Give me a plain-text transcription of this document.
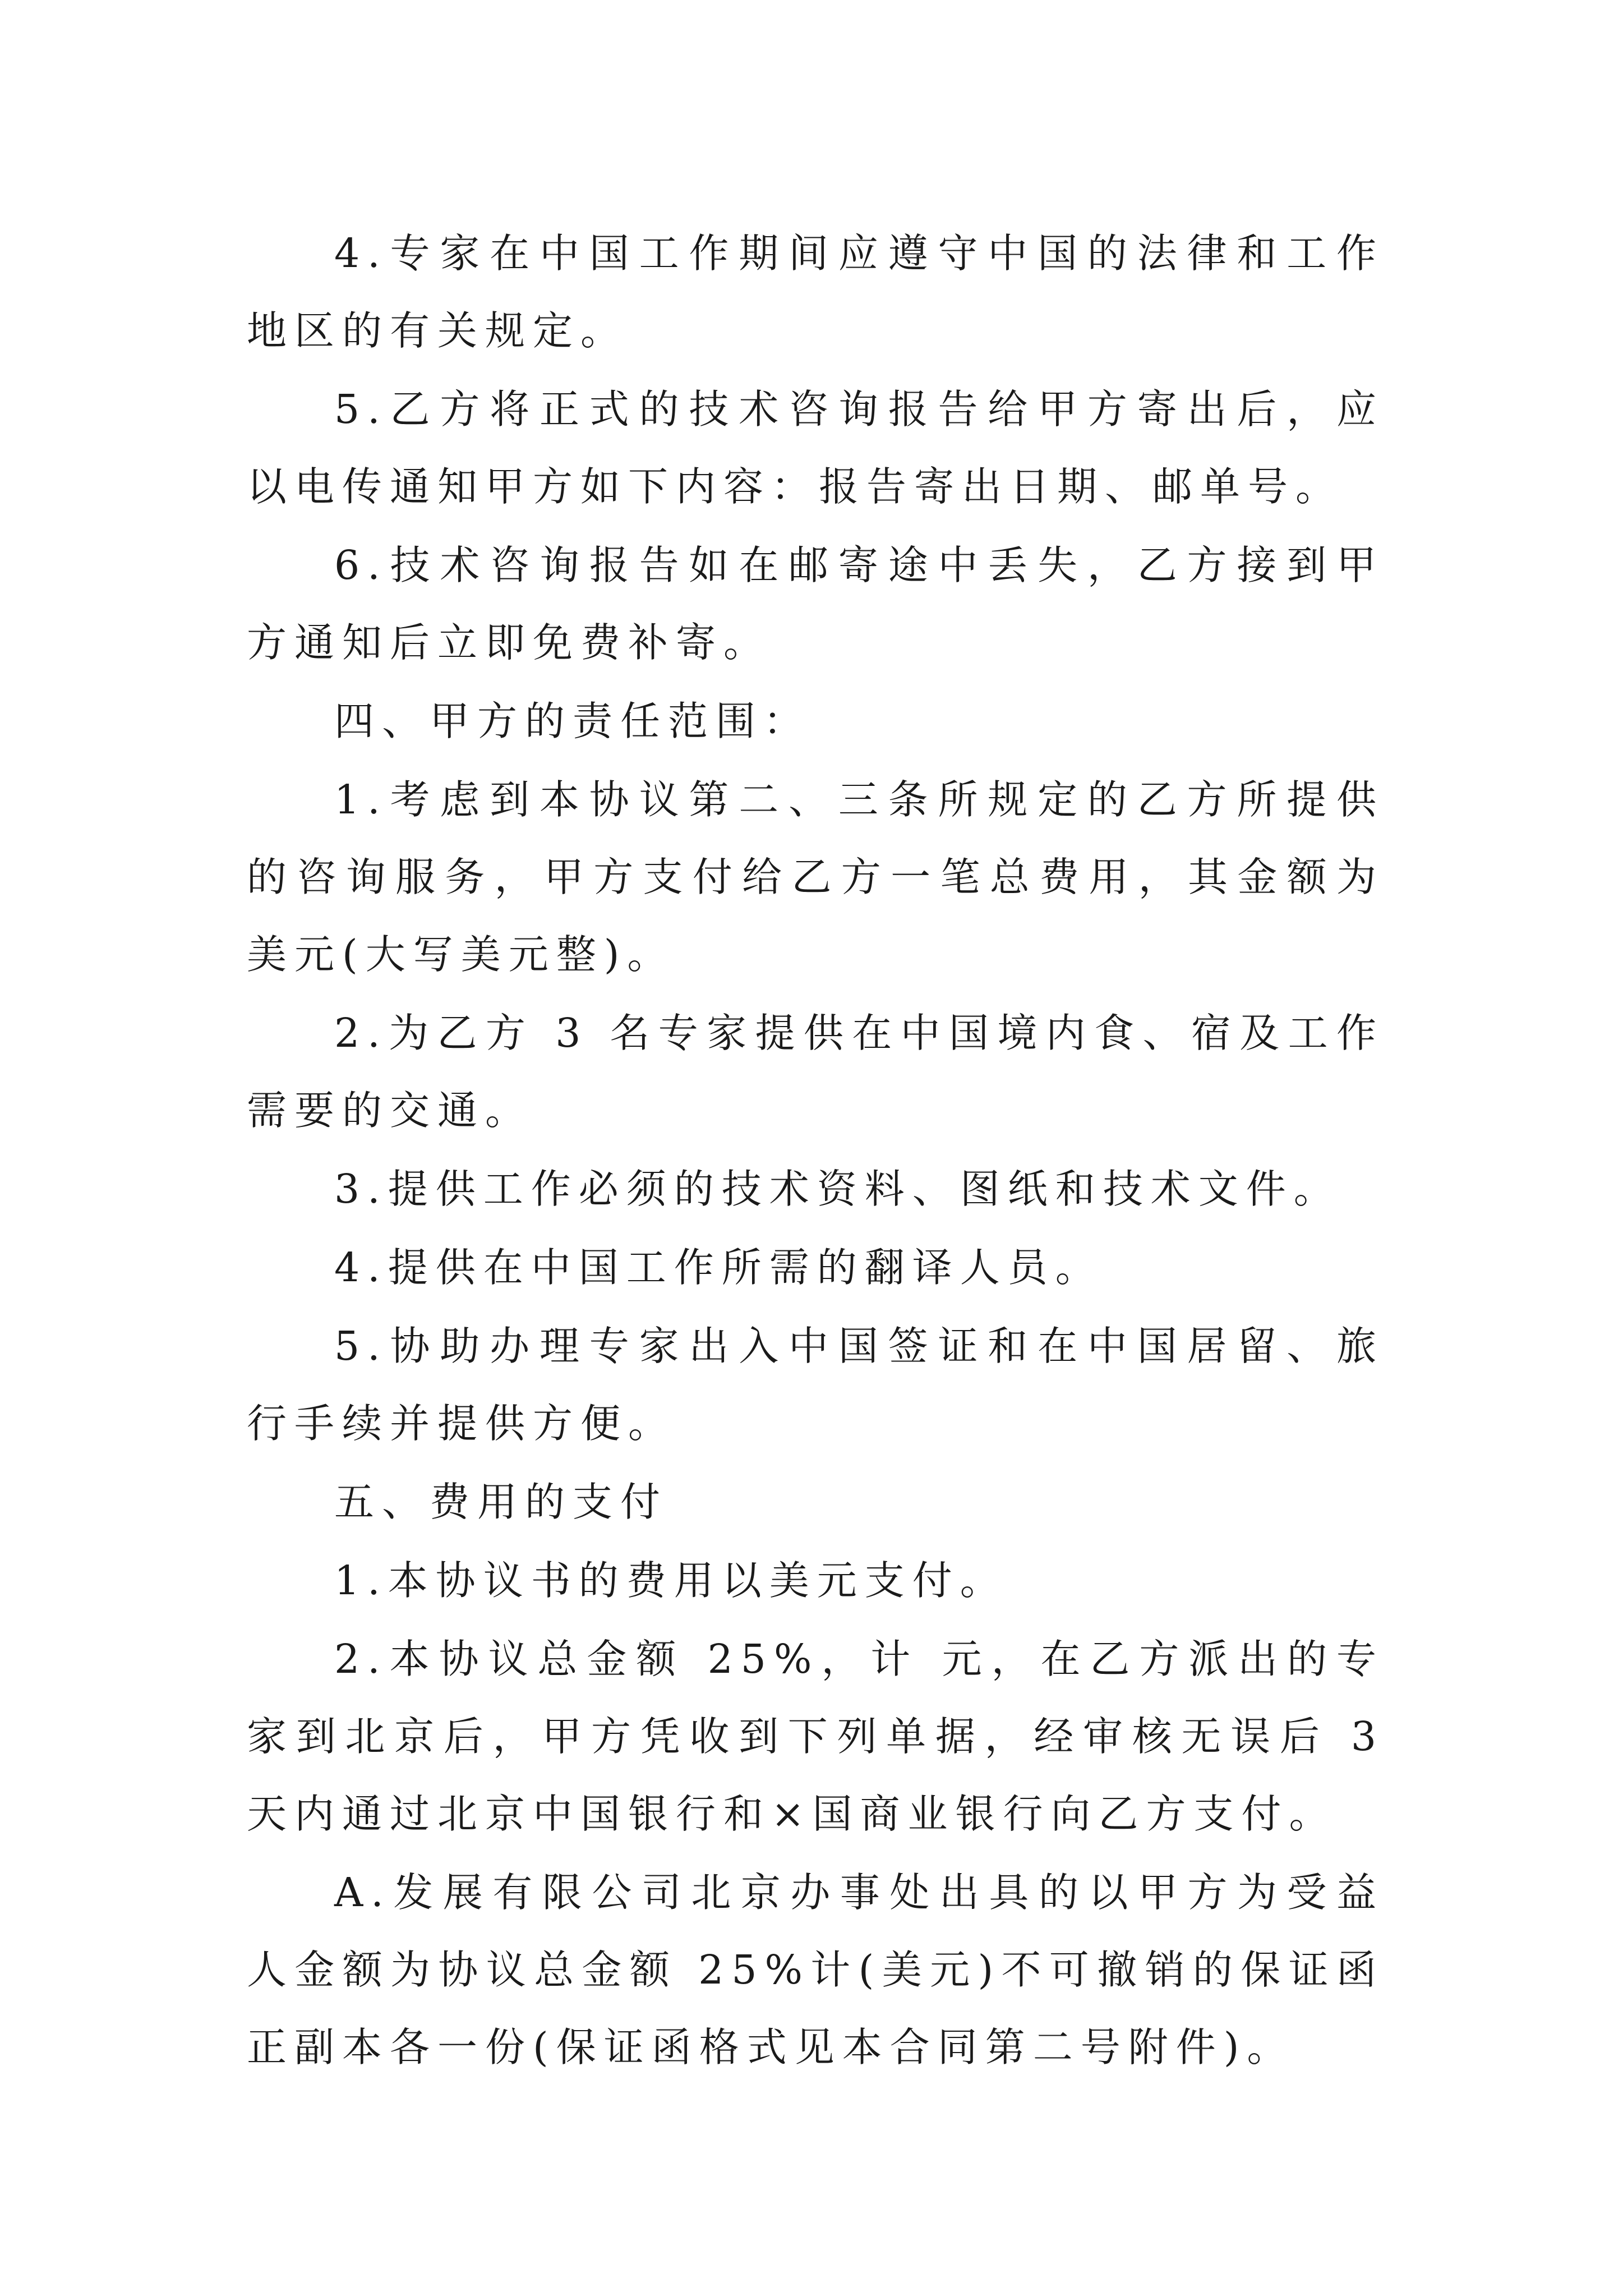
4.专家在中国工作期间应遵守中国的法律和工作地区的有关规定。

5.乙方将正式的技术咨询报告给甲方寄出后，应以电传通知甲方如下内容：报告寄出日期、邮单号。

6.技术咨询报告如在邮寄途中丢失，乙方接到甲方通知后立即免费补寄。

四、甲方的责任范围：

1.考虑到本协议第二、三条所规定的乙方所提供的咨询服务，甲方支付给乙方一笔总费用，其金额为 美元(大写美元整)。

2.为乙方 3 名专家提供在中国境内食、宿及工作需要的交通。

3.提供工作必须的技术资料、图纸和技术文件。

4.提供在中国工作所需的翻译人员。

5.协助办理专家出入中国签证和在中国居留、旅行手续并提供方便。

五、费用的支付

1.本协议书的费用以美元支付。

2.本协议总金额 25%，计 元，在乙方派出的专家到北京后，甲方凭收到下列单据，经审核无误后 3 天内通过北京中国银行和×国商业银行向乙方支付。

A.发展有限公司北京办事处出具的以甲方为受益人金额为协议总金额 25%计(美元)不可撤销的保证函正副本各一份(保证函格式见本合同第二号附件)。
